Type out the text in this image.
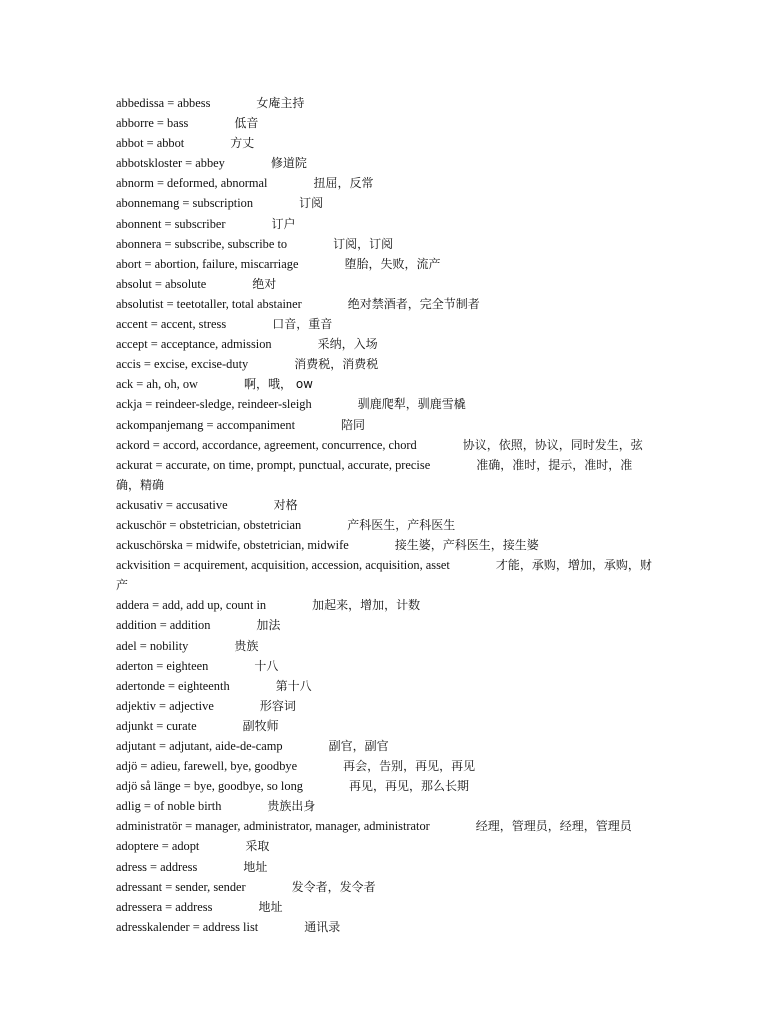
abbedissa = abbess	女庵主持
abborre = bass	低音
abbot = abbot	方丈
abbotskloster = abbey	修道院
abnorm = deformed, abnormal	扭屈，反常
abonnemang = subscription	订阅
abonnent = subscriber	订户
abonnera = subscribe, subscribe to	订阅，订阅
abort = abortion, failure, miscarriage	堕胎，失败，流产
absolut = absolute	绝对
absolutist = teetotaller, total abstainer	绝对禁酒者，完全节制者
accent = accent, stress	口音，重音
accept = acceptance, admission	采纳，入场
accis = excise, excise-duty	消费税，消费税
ack = ah, oh, ow	啊，哦， ow
ackja = reindeer-sledge, reindeer-sleigh	驯鹿爬犁，驯鹿雪橇
ackompanjemang = accompaniment	陪同
ackord = accord, accordance, agreement, concurrence, chord	协议，依照，协议，同时发生，弦
ackurat = accurate, on time, prompt, punctual, accurate, precise	准确，准时，提示，准时，准确，精确
ackusativ = accusative	对格
ackuschör = obstetrician, obstetrician	产科医生，产科医生
ackuschörska = midwife, obstetrician, midwife	接生婆，产科医生，接生婆
ackvisition = acquirement, acquisition, accession, acquisition, asset	才能，承购，增加，承购，财产
addera = add, add up, count in	加起来，增加，计数
addition = addition	加法
adel = nobility	贵族
aderton = eighteen	十八
adertonde = eighteenth	第十八
adjektiv = adjective	形容词
adjunkt = curate	副牧师
adjutant = adjutant, aide-de-camp	副官，副官
adjö = adieu, farewell, bye, goodbye	再会，告别，再见，再见
adjö så länge = bye, goodbye, so long	再见，再见，那么长期
adlig = of noble birth	贵族出身
administratör = manager, administrator, manager, administrator	经理，管理员，经理，管理员
adoptere = adopt	采取
adress = address	地址
adressant = sender, sender	发令者，发令者
adressera = address	地址
adresskalender = address list	通讯录
